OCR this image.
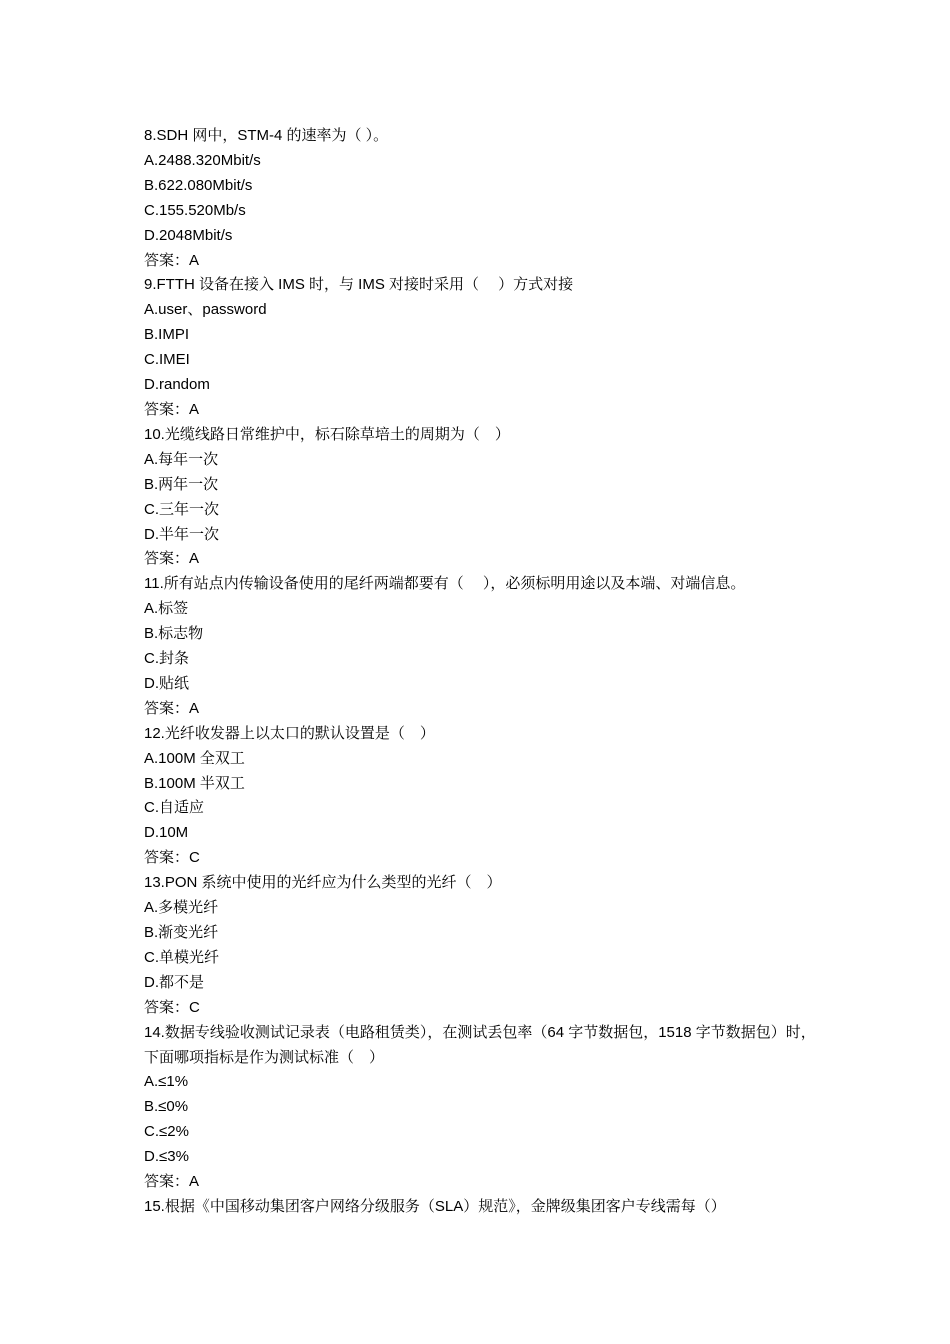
8.SDH 网中，STM-4 的速率为（ ）。
A.2488.320Mbit/s
B.622.080Mbit/s
C.155.520Mb/s
D.2048Mbit/s
答案：A
9.FTTH 设备在接入 IMS 时，与 IMS 对接时采用（　 ）方式对接
A.user、password
B.IMPI
C.IMEI
D.random
答案：A
10.光缆线路日常维护中，标石除草培土的周期为（　）
A.每年一次
B.两年一次
C.三年一次
D.半年一次
答案：A
11.所有站点内传输设备使用的尾纤两端都要有（　 ），必须标明用途以及本端、对端信息。
A.标签
B.标志物
C.封条
D.贴纸
答案：A
12.光纤收发器上以太口的默认设置是（　）
A.100M 全双工
B.100M 半双工
C.自适应
D.10M
答案：C
13.PON 系统中使用的光纤应为什么类型的光纤（　）
A.多模光纤
B.渐变光纤
C.单模光纤
D.都不是
答案：C
14.数据专线验收测试记录表（电路租赁类），在测试丢包率（64 字节数据包，1518 字节数据包）时，下面哪项指标是作为测试标准（　）
A.≤1%
B.≤0%
C.≤2%
D.≤3%
答案：A
15.根据《中国移动集团客户网络分级服务（SLA）规范》，金牌级集团客户专线需每（）
